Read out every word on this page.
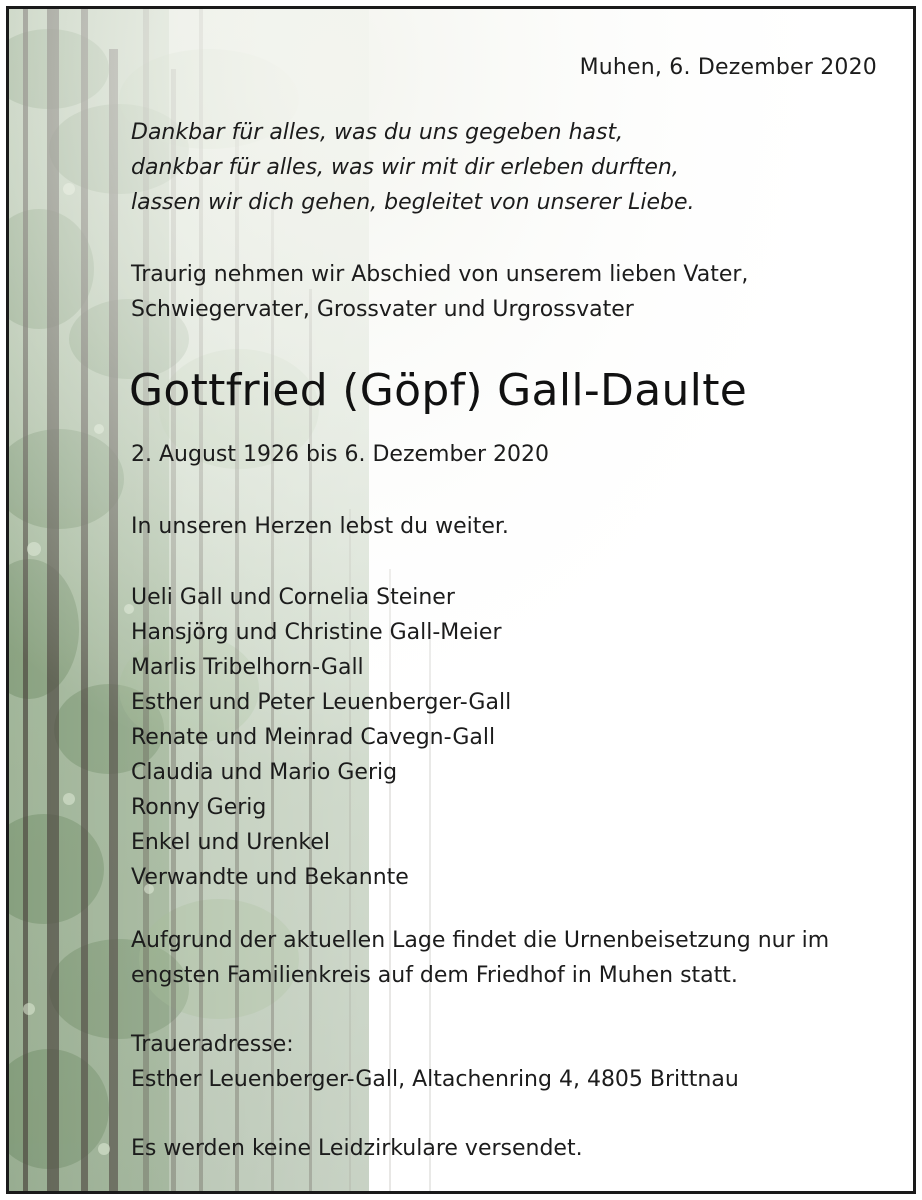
Muhen, 6. Dezember 2020
Dankbar für alles, was du uns gegeben hast,
dankbar für alles, was wir mit dir erleben durften,
lassen wir dich gehen, begleitet von unserer Liebe.
Traurig nehmen wir Abschied von unserem lieben Vater,
Schwiegervater, Grossvater und Urgrossvater
Gottfried (Göpf) Gall-Daulte
2. August 1926 bis 6. Dezember 2020
In unseren Herzen lebst du weiter.
Ueli Gall und Cornelia Steiner
Hansjörg und Christine Gall-Meier
Marlis Tribelhorn-Gall
Esther und Peter Leuenberger-Gall
Renate und Meinrad Cavegn-Gall
Claudia und Mario Gerig
Ronny Gerig
Enkel und Urenkel
Verwandte und Bekannte
Aufgrund der aktuellen Lage findet die Urnenbeisetzung nur im
engsten Familienkreis auf dem Friedhof in Muhen statt.
Traueradresse:
Esther Leuenberger-Gall, Altachenring 4, 4805 Brittnau
Es werden keine Leidzirkulare versendet.
